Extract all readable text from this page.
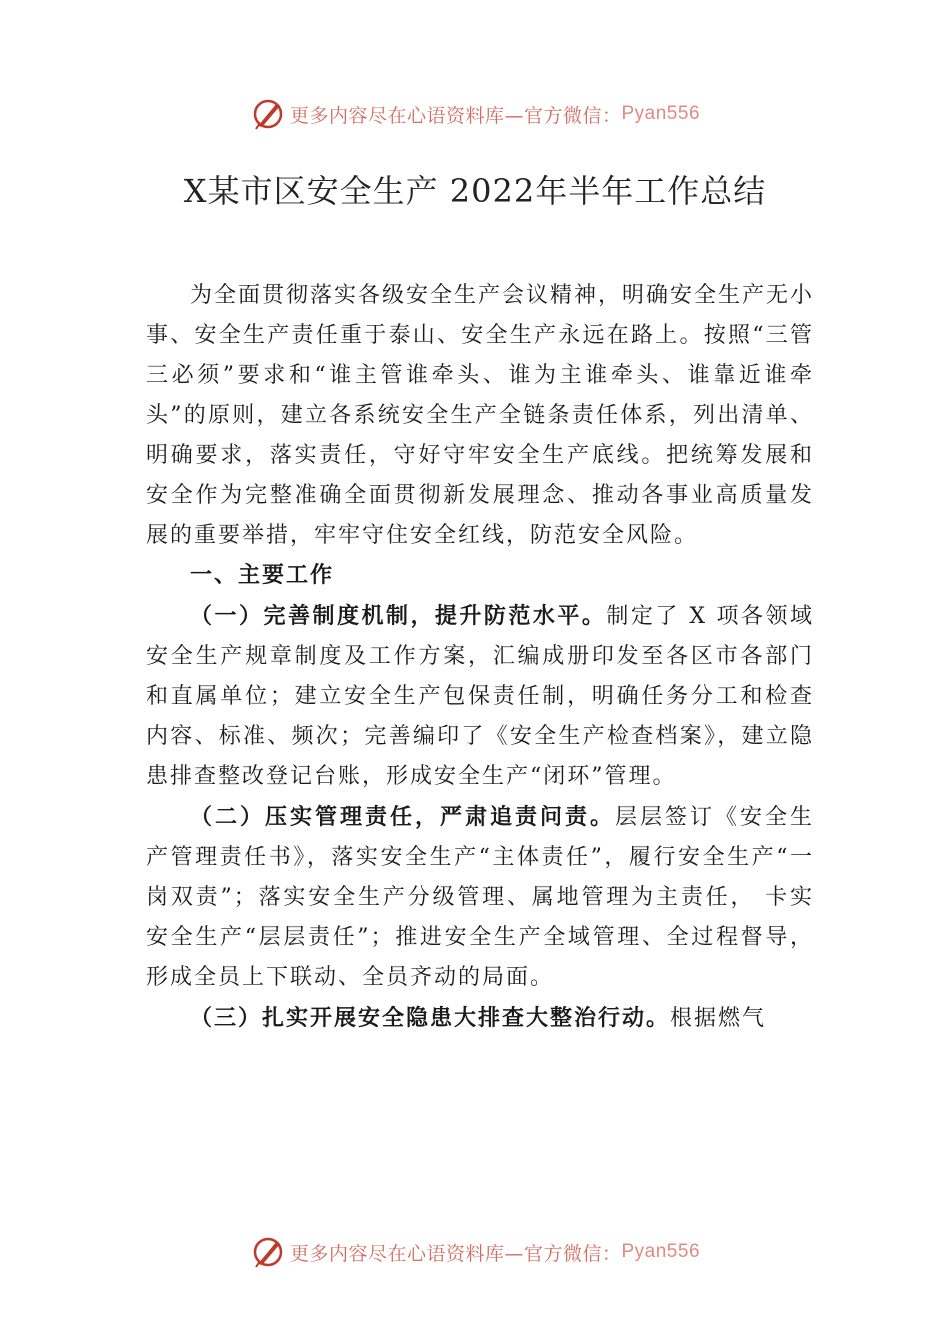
更多内容尽在心语资料库—官方微信： Pyan556
X某市区安全生产 2022年半年工作总结

为全面贯彻落实各级安全生产会议精神，明确安全生产无小事、安全生产责任重于泰山、安全生产永远在路上。按照“三管三必须”要求和“谁主管谁牵头、谁为主谁牵头、谁靠近谁牵头”的原则，建立各系统安全生产全链条责任体系，列出清单、明确要求，落实责任，守好守牢安全生产底线。把统筹发展和安全作为完整准确全面贯彻新发展理念、推动各事业高质量发展的重要举措，牢牢守住安全红线，防范安全风险。

一、主要工作

（一）完善制度机制，提升防范水平。制定了 X 项各领域安全生产规章制度及工作方案，汇编成册印发至各区市各部门和直属单位；建立安全生产包保责任制，明确任务分工和检查内容、标准、频次；完善编印了《安全生产检查档案》，建立隐患排查整改登记台账，形成安全生产“闭环”管理。

（二）压实管理责任，严肃追责问责。层层签订《安全生产管理责任书》，落实安全生产“主体责任”，履行安全生产“一岗双责”；落实安全生产分级管理、属地管理为主责任， 卡实安全生产“层层责任”；推进安全生产全域管理、全过程督导，形成全员上下联动、全员齐动的局面。

（三）扎实开展安全隐患大排查大整治行动。根据燃气

更多内容尽在心语资料库—官方微信： Pyan556
